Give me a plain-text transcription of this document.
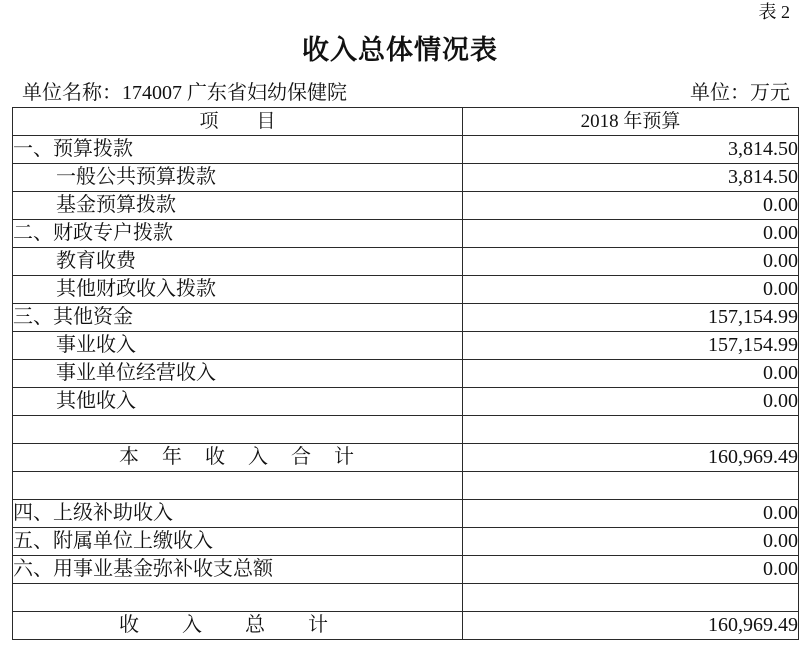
表 2
收入总体情况表
单位名称：174007 广东省妇幼保健院	单位：万元
项　　目	2018 年预算
一、预算拨款	3,814.50
一般公共预算拨款	3,814.50
基金预算拨款	0.00
二、财政专户拨款	0.00
教育收费	0.00
其他财政收入拨款	0.00
三、其他资金	157,154.99
事业收入	157,154.99
事业单位经营收入	0.00
其他收入	0.00

本 年 收 入 合 计	160,969.49

四、上级补助收入	0.00
五、附属单位上缴收入	0.00
六、用事业基金弥补收支总额	0.00

收 入 总 计	160,969.49
